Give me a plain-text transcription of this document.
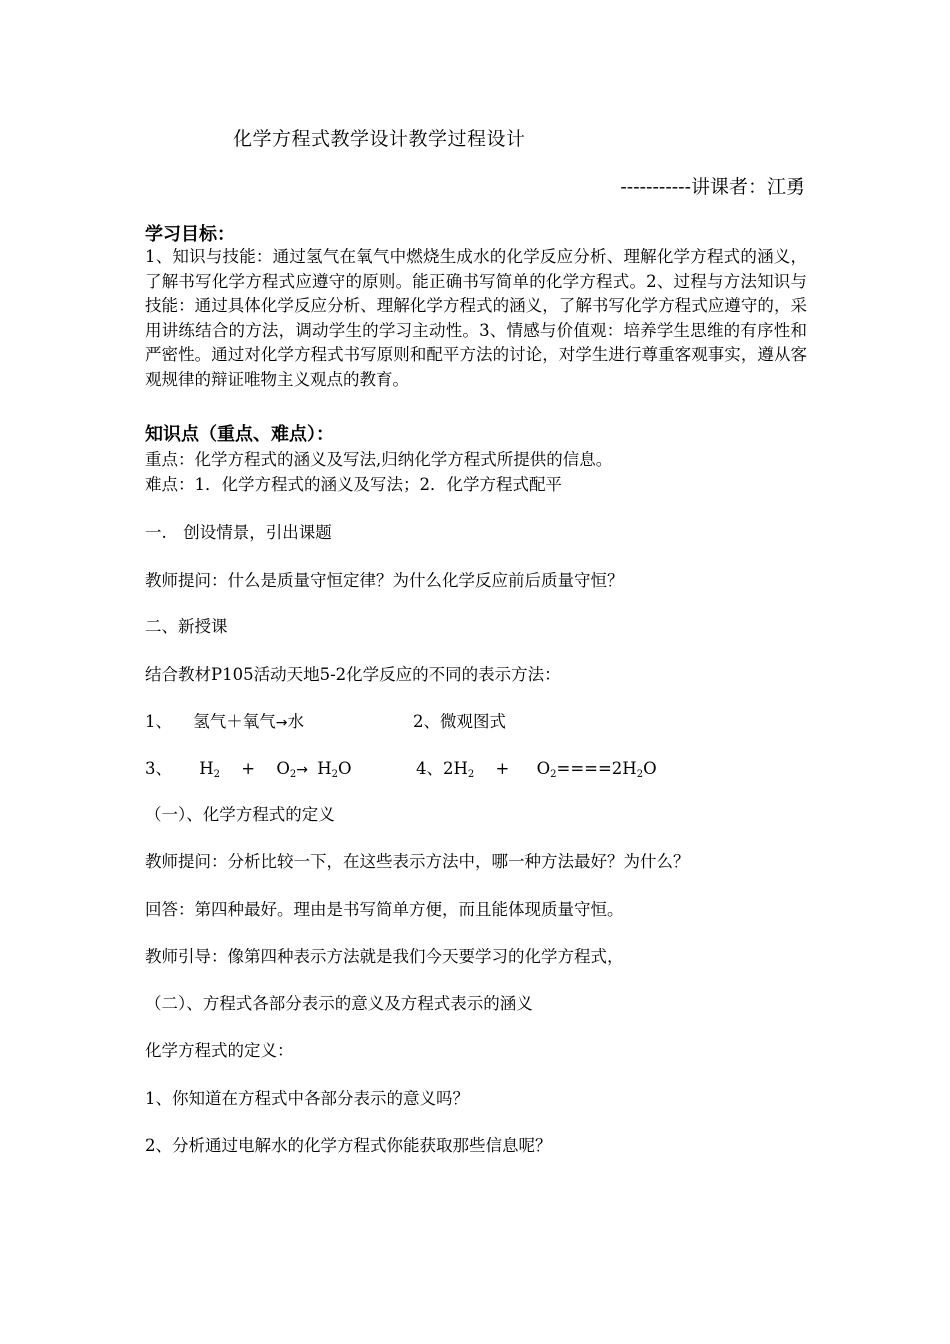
化学方程式教学设计教学过程设计
-----------讲课者：江勇
学习目标：
1、知识与技能：通过氢气在氧气中燃烧生成水的化学反应分析、理解化学方程式的涵义，了解书写化学方程式应遵守的原则。能正确书写简单的化学方程式。2、过程与方法知识与技能：通过具体化学反应分析、理解化学方程式的涵义，了解书写化学方程式应遵守的，采用讲练结合的方法，调动学生的学习主动性。3、情感与价值观：培养学生思维的有序性和严密性。通过对化学方程式书写原则和配平方法的讨论，对学生进行尊重客观事实，遵从客观规律的辩证唯物主义观点的教育。
知识点（重点、难点）：
重点：化学方程式的涵义及写法,归纳化学方程式所提供的信息。
难点：1．化学方程式的涵义及写法；2．化学方程式配平
一.　创设情景，引出课题
教师提问：什么是质量守恒定律？为什么化学反应前后质量守恒？
二、新授课
结合教材P105活动天地5-2化学反应的不同的表示方法：
1、 氢气＋氧气→水	2、微观图式
3、 $H_2 + O_2\to H_2O$	4、$2H_2 + O_2====2H_2O$
（一）、化学方程式的定义
教师提问：分析比较一下，在这些表示方法中，哪一种方法最好？为什么？
回答：第四种最好。理由是书写简单方便，而且能体现质量守恒。
教师引导：像第四种表示方法就是我们今天要学习的化学方程式，
（二）、方程式各部分表示的意义及方程式表示的涵义
化学方程式的定义：
1、你知道在方程式中各部分表示的意义吗？
2、分析通过电解水的化学方程式你能获取那些信息呢？
